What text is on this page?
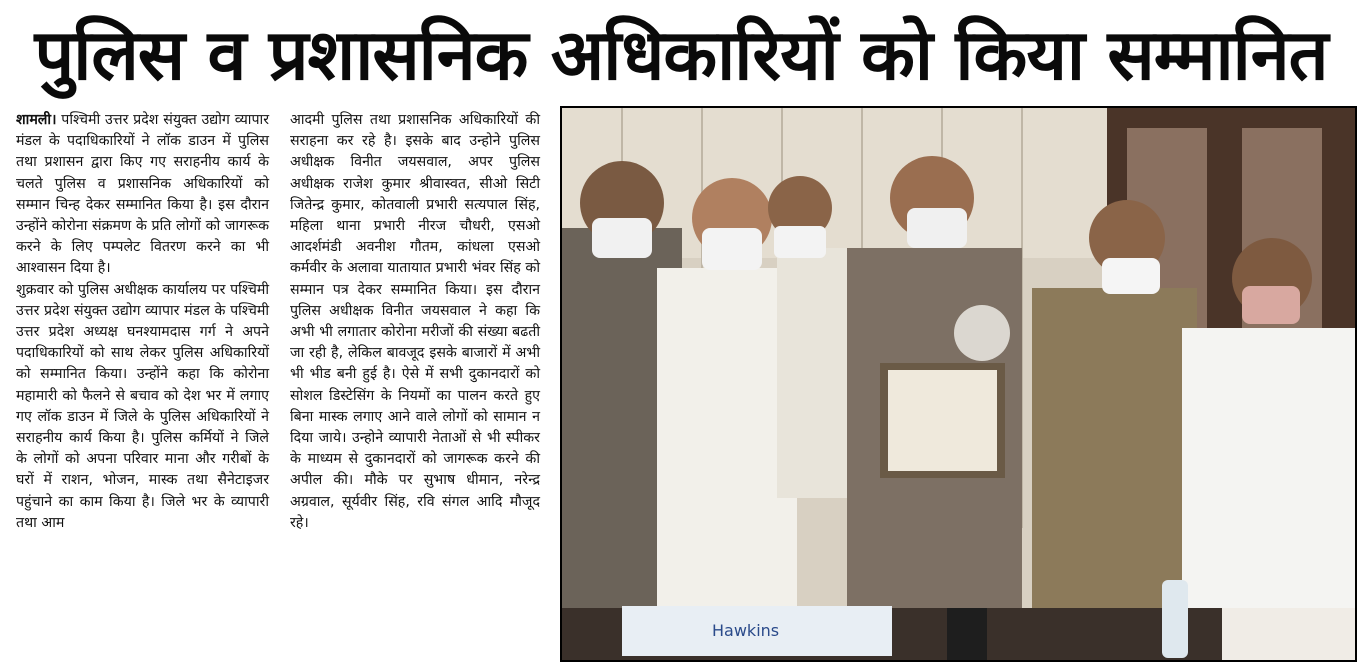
पुलिस व प्रशासनिक अधिकारियों को किया सम्मानित

शामली। पश्चिमी उत्तर प्रदेश संयुक्त उद्योग व्यापार मंडल के पदाधिकारियों ने लॉक डाउन में पुलिस तथा प्रशासन द्वारा किए गए सराहनीय कार्य के चलते पुलिस व प्रशासनिक अधिकारियों को सम्मान चिन्ह देकर सम्मानित किया है। इस दौरान उन्होंने कोरोना संक्रमण के प्रति लोगों को जागरूक करने के लिए पम्पलेट वितरण करने का भी आश्वासन दिया है।

शुक्रवार को पुलिस अधीक्षक कार्यालय पर पश्चिमी उत्तर प्रदेश संयुक्त उद्योग व्यापार मंडल के पश्चिमी उत्तर प्रदेश अध्यक्ष घनश्यामदास गर्ग ने अपने पदाधिकारियों को साथ लेकर पुलिस अधिकारियों को सम्मानित किया। उन्होंने कहा कि कोरोना महामारी को फैलने से बचाव को देश भर में लगाए गए लॉक डाउन में जिले के पुलिस अधिकारियों ने सराहनीय कार्य किया है। पुलिस कर्मियों ने जिले के लोगों को अपना परिवार माना और गरीबों के घरों में राशन, भोजन, मास्क तथा सैनेटाइजर पहुंचाने का काम किया है। जिले भर के व्यापारी तथा आम

आदमी पुलिस तथा प्रशासनिक अधिकारियों की सराहना कर रहे है। इसके बाद उन्होने पुलिस अधीक्षक विनीत जयसवाल, अपर पुलिस अधीक्षक राजेश कुमार श्रीवास्वत, सीओ सिटी जितेन्द्र कुमार, कोतवाली प्रभारी सत्यपाल सिंह, महिला थाना प्रभारी नीरज चौधरी, एसओ आदर्शमंडी अवनीश गौतम, कांधला एसओ कर्मवीर के अलावा यातायात प्रभारी भंवर सिंह को सम्मान पत्र देकर सम्मानित किया। इस दौरान पुलिस अधीक्षक विनीत जयसवाल ने कहा कि अभी भी लगातार कोरोना मरीजों की संख्या बढती जा रही है, लेकिल बावजूद इसके बाजारों में अभी भी भीड बनी हुई है। ऐसे में सभी दुकानदारों को सोशल डिस्टेसिंग के नियमों का पालन करते हुए बिना मास्क लगाए आने वाले लोगों को सामान न दिया जाये। उन्होने व्यापारी नेताओं से भी स्पीकर के माध्यम से दुकानदारों को जागरूक करने की अपील की। मौके पर सुभाष धीमान, नरेन्द्र अग्रवाल, सूर्यवीर सिंह, रवि संगल आदि मौजूद रहे।

Hawkins
